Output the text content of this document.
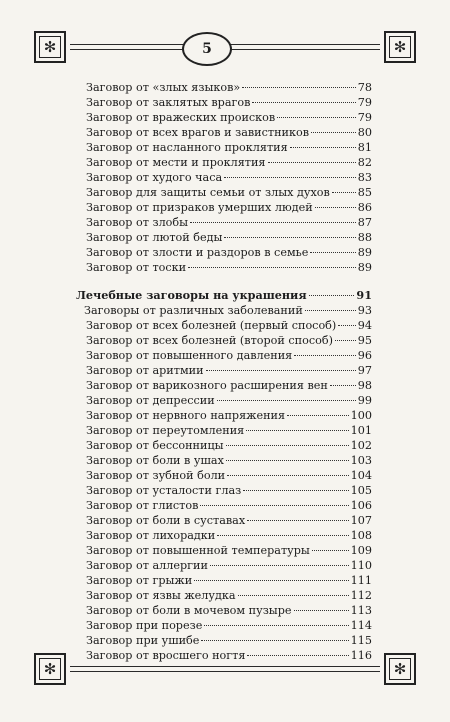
✻
✻
5
Заговор от «злых языков»	78
Заговор от заклятых врагов	79
Заговор от вражеских происков	79
Заговор от всех врагов и завистников	80
Заговор от насланного проклятия	81
Заговор от мести и проклятия	82
Заговор от худого часа	83
Заговор для защиты семьи от злых духов 85
Заговор от призраков умерших людей	86
Заговор от злобы	87
Заговор от лютой беды	88
Заговор от злости и раздоров в семье	89
Заговор от тоски	89
Лечебные заговоры на украшения	91
Заговоры от различных заболеваний	93
Заговор от всех болезней (первый способ) 94
Заговор от всех болезней (второй способ) 95
Заговор от повышенного давления	96
Заговор от аритмии	97
Заговор от варикозного расширения вен	98
Заговор от депрессии	99
Заговор от нервного напряжения	100
Заговор от переутомления	101
Заговор от бессонницы	102
Заговор от боли в ушах	103
Заговор от зубной боли	104
Заговор от усталости глаз	105
Заговор от глистов	106
Заговор от боли в суставах	107
Заговор от лихорадки	108
Заговор от повышенной температуры	109
Заговор от аллергии	110
Заговор от грыжи	111
Заговор от язвы желудка	112
Заговор от боли в мочевом пузыре	113
Заговор при порезе	114
Заговор при ушибе	115
Заговор от вросшего ногтя	116
✻
✻
